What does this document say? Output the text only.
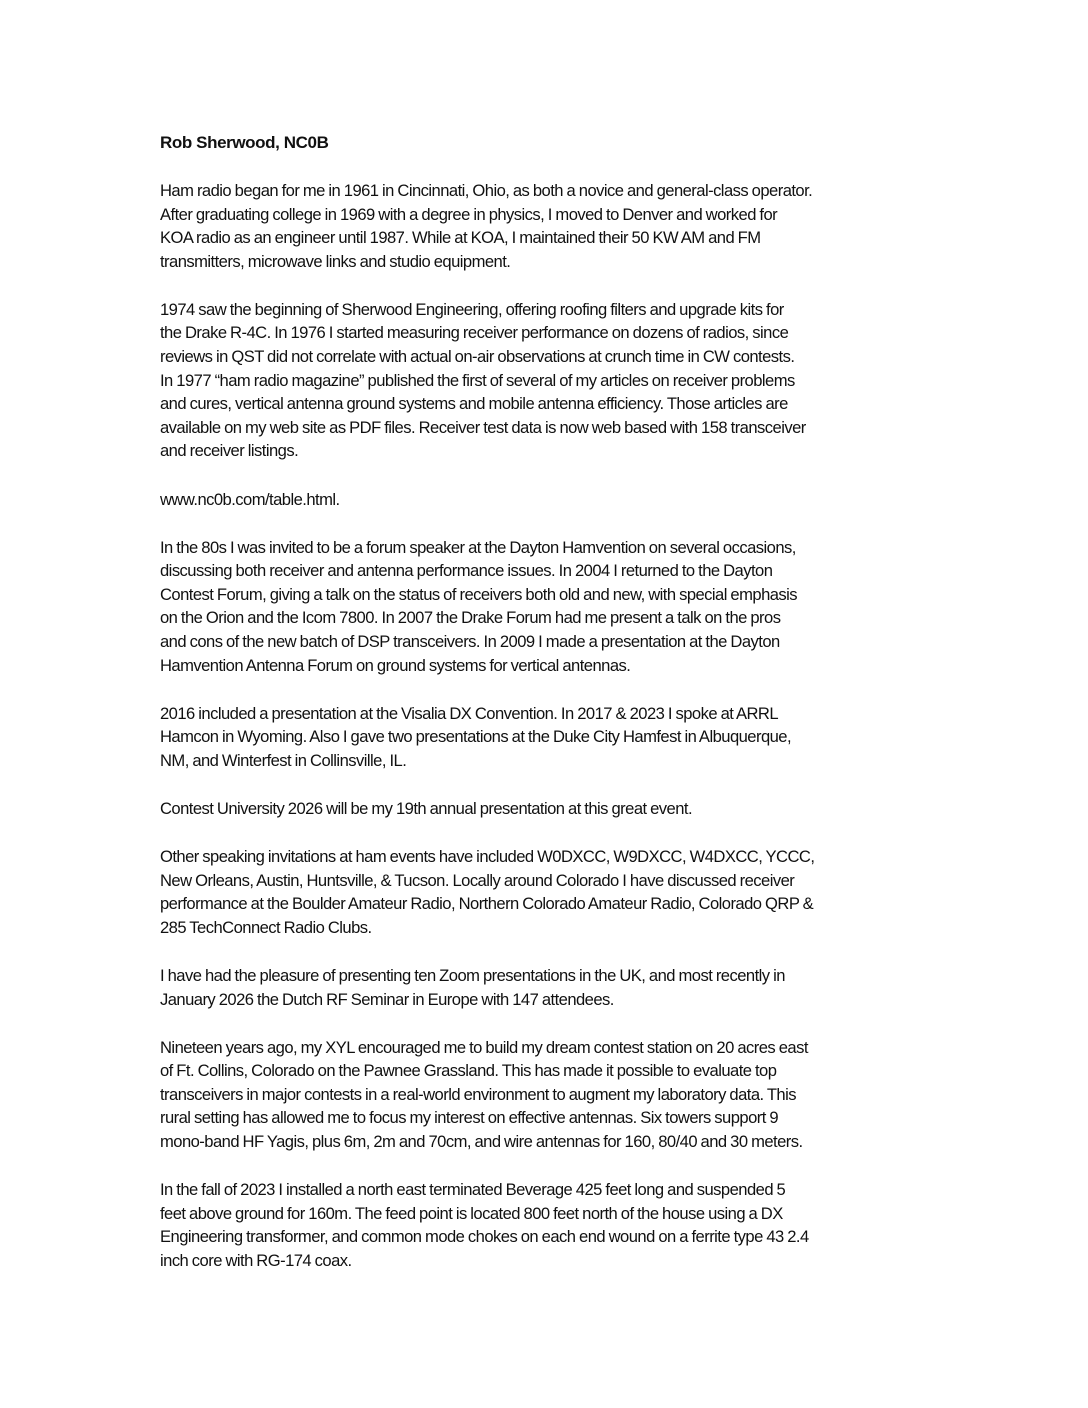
Rob Sherwood, NC0B
Ham radio began for me in 1961 in Cincinnati, Ohio, as both a novice and general-class operator.
After graduating college in 1969 with a degree in physics, I moved to Denver and worked for
KOA radio as an engineer until 1987. While at KOA, I maintained their 50 KW AM and FM
transmitters, microwave links and studio equipment.
1974 saw the beginning of Sherwood Engineering, offering roofing filters and upgrade kits for
the Drake R-4C. In 1976 I started measuring receiver performance on dozens of radios, since
reviews in QST did not correlate with actual on-air observations at crunch time in CW contests.
In 1977 “ham radio magazine” published the first of several of my articles on receiver problems
and cures, vertical antenna ground systems and mobile antenna efficiency. Those articles are
available on my web site as PDF files. Receiver test data is now web based with 158 transceiver
and receiver listings.
www.nc0b.com/table.html.
In the 80s I was invited to be a forum speaker at the Dayton Hamvention on several occasions,
discussing both receiver and antenna performance issues. In 2004 I returned to the Dayton
Contest Forum, giving a talk on the status of receivers both old and new, with special emphasis
on the Orion and the Icom 7800. In 2007 the Drake Forum had me present a talk on the pros
and cons of the new batch of DSP transceivers. In 2009 I made a presentation at the Dayton
Hamvention Antenna Forum on ground systems for vertical antennas.
2016 included a presentation at the Visalia DX Convention. In 2017 & 2023 I spoke at ARRL
Hamcon in Wyoming. Also I gave two presentations at the Duke City Hamfest in Albuquerque,
NM, and Winterfest in Collinsville, IL.
Contest University 2026 will be my 19th annual presentation at this great event.
Other speaking invitations at ham events have included W0DXCC, W9DXCC, W4DXCC, YCCC,
New Orleans, Austin, Huntsville, & Tucson. Locally around Colorado I have discussed receiver
performance at the Boulder Amateur Radio, Northern Colorado Amateur Radio, Colorado QRP &
285 TechConnect Radio Clubs.
I have had the pleasure of presenting ten Zoom presentations in the UK, and most recently in
January 2026 the Dutch RF Seminar in Europe with 147 attendees.
Nineteen years ago, my XYL encouraged me to build my dream contest station on 20 acres east
of Ft. Collins, Colorado on the Pawnee Grassland. This has made it possible to evaluate top
transceivers in major contests in a real-world environment to augment my laboratory data. This
rural setting has allowed me to focus my interest on effective antennas. Six towers support 9
mono-band HF Yagis, plus 6m, 2m and 70cm, and wire antennas for 160, 80/40 and 30 meters.
In the fall of 2023 I installed a north east terminated Beverage 425 feet long and suspended 5
feet above ground for 160m. The feed point is located 800 feet north of the house using a DX
Engineering transformer, and common mode chokes on each end wound on a ferrite type 43 2.4
inch core with RG-174 coax.
